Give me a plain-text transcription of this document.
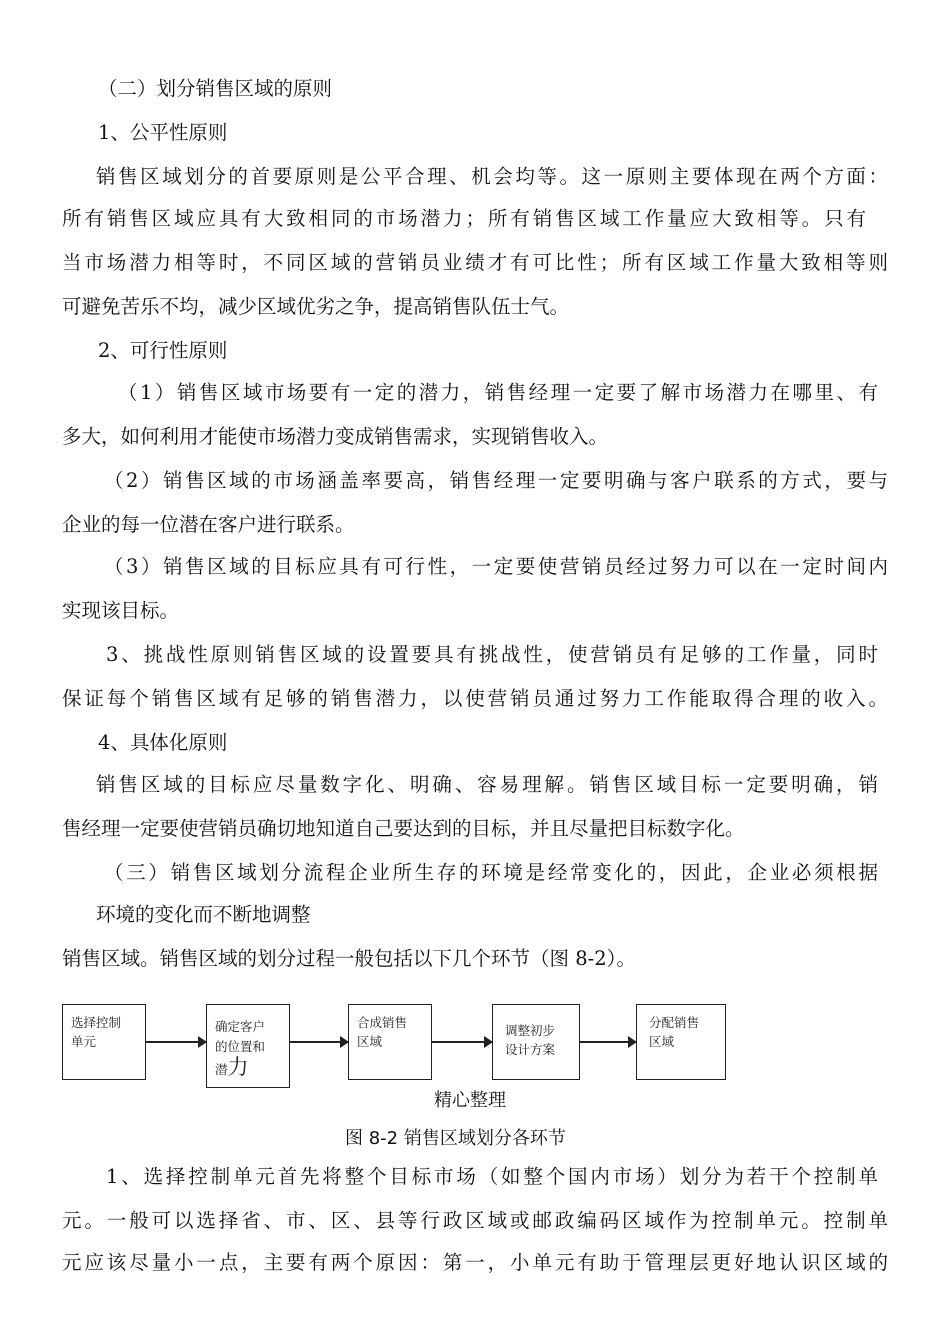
（二）划分销售区域的原则
1、公平性原则
销售区域划分的首要原则是公平合理、机会均等。这一原则主要体现在两个方面：
所有销售区域应具有大致相同的市场潜力；所有销售区域工作量应大致相等。只有
当市场潜力相等时，不同区域的营销员业绩才有可比性；所有区域工作量大致相等则
可避免苦乐不均，减少区域优劣之争，提高销售队伍士气。
2、可行性原则
（1）销售区域市场要有一定的潜力，销售经理一定要了解市场潜力在哪里、有
多大，如何利用才能使市场潜力变成销售需求，实现销售收入。
（2）销售区域的市场涵盖率要高，销售经理一定要明确与客户联系的方式，要与
企业的每一位潜在客户进行联系。
（3）销售区域的目标应具有可行性，一定要使营销员经过努力可以在一定时间内
实现该目标。
3、挑战性原则销售区域的设置要具有挑战性，使营销员有足够的工作量，同时
保证每个销售区域有足够的销售潜力，以使营销员通过努力工作能取得合理的收入。
4、具体化原则
销售区域的目标应尽量数字化、明确、容易理解。销售区域目标一定要明确，销
售经理一定要使营销员确切地知道自己要达到的目标，并且尽量把目标数字化。
（三）销售区域划分流程企业所生存的环境是经常变化的，因此，企业必须根据
环境的变化而不断地调整
销售区域。销售区域的划分过程一般包括以下几个环节（图 8-2）。
选择控制
单元
确定客户
的位置和
潜力
合成销售
区域
调整初步
设计方案
分配销售
区域
精心整理
图 8-2 销售区域划分各环节
1、选择控制单元首先将整个目标市场（如整个国内市场）划分为若干个控制单
元。一般可以选择省、市、区、县等行政区域或邮政编码区域作为控制单元。控制单
元应该尽量小一点，主要有两个原因：第一，小单元有助于管理层更好地认识区域的
